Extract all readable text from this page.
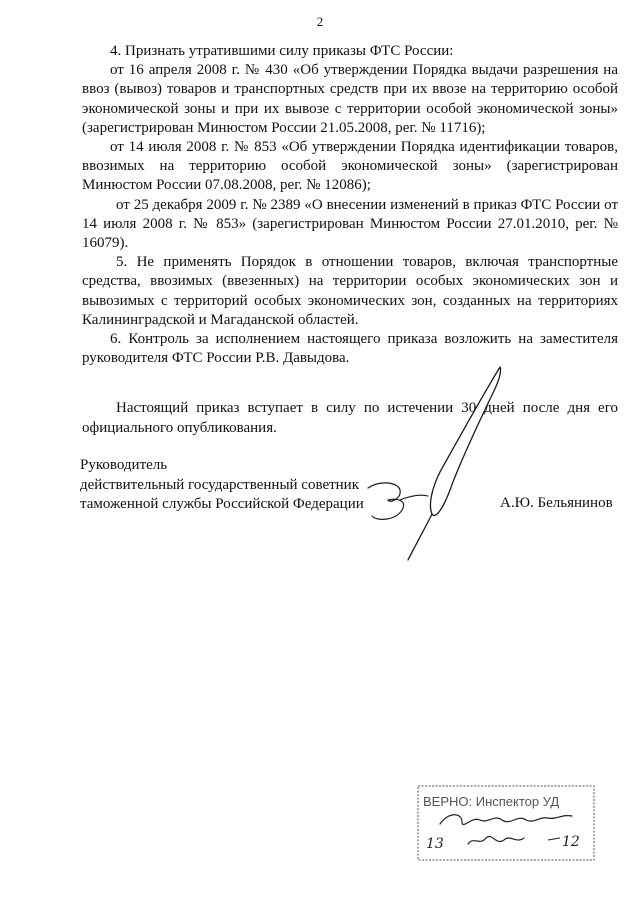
2

4. Признать утратившими силу приказы ФТС России:

от 16 апреля 2008 г. № 430 «Об утверждении Порядка выдачи разрешения на ввоз (вывоз) товаров и транспортных средств при их ввозе на территорию особой экономической зоны и при их вывозе с территории особой экономической зоны» (зарегистрирован Минюстом России 21.05.2008, рег. № 11716);

от 14 июля 2008 г. № 853 «Об утверждении Порядка идентификации товаров, ввозимых на территорию особой экономической зоны» (зарегистрирован Минюстом России 07.08.2008, рег. № 12086);

от 25 декабря 2009 г. № 2389 «О внесении изменений в приказ ФТС России от 14 июля 2008 г. № 853» (зарегистрирован Минюстом России 27.01.2010, рег. № 16079).

5. Не применять Порядок в отношении товаров, включая транспортные средства, ввозимых (ввезенных) на территории особых экономических зон и вывозимых с территорий особых экономических зон, созданных на территориях Калининградской и Магаданской областей.

6. Контроль за исполнением настоящего приказа возложить на заместителя руководителя ФТС России Р.В. Давыдова.

Настоящий приказ вступает в силу по истечении 30 дней после дня его официального опубликования.

Руководитель
действительный государственный советник
таможенной службы Российской Федерации	А.Ю. Бельянинов
ВЕРНО: Инспектор УД
13	12
